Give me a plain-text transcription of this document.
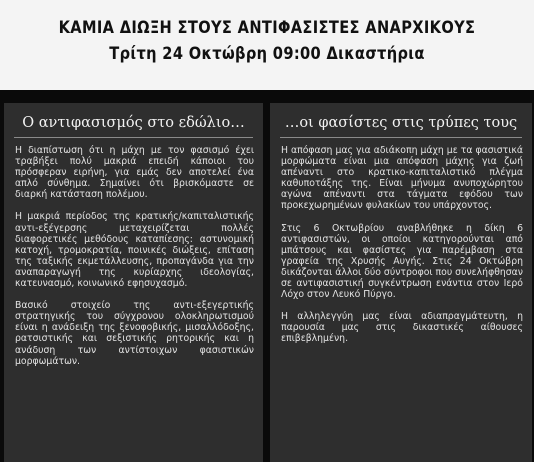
ΚΑΜΙΑ ΔΙΩΞΗ ΣΤΟΥΣ ΑΝΤΙΦΑΣΙΣΤΕΣ ΑΝΑΡΧΙΚΟΥΣ
Τρίτη 24 Οκτώβρη 09:00 Δικαστήρια
Ο αντιφασισμός στο εδώλιο…

Η διαπίστωση ότι η μάχη με τον φασισμό έχει τραβήξει πολύ μακριά επειδή κάποιοι του πρόσφεραν ειρήνη, για εμάς δεν αποτελεί ένα απλό σύνθημα. Σημαίνει ότι βρισκόμαστε σε διαρκή κατάσταση πολέμου.

Η μακριά περίοδος της κρατικής/καπιταλιστικής αντι-εξέγερσης μεταχειρίζεται πολλές διαφορετικές μεθόδους καταπίεσης: αστυνομική κατοχή, τρομοκρατία, ποινικές διώξεις, επίταση της ταξικής εκμετάλλευσης, προπαγάνδα για την αναπαραγωγή της κυρίαρχης ιδεολογίας, κατευνασμό, κοινωνικό εφησυχασμό.

Βασικό στοιχείο της αντι-εξεγερτικής στρατηγικής του σύγχρονου ολοκληρωτισμού είναι η ανάδειξη της ξενοφοβικής, μισαλλόδοξης, ρατσιστικής και σεξιστικής ρητορικής και η ανάδυση των αντίστοιχων φασιστικών μορφωμάτων.

…οι φασίστες στις τρύπες τους

Η απόφαση μας για αδιάκοπη μάχη με τα φασιστικά μορφώματα είναι μια απόφαση μάχης για ζωή απέναντι στο κρατικο-καπιταλιστικό πλέγμα καθυποτάξης της. Είναι μήνυμα ανυποχώρητου αγώνα απέναντι στα τάγματα εφόδου των προκεχωρημένων φυλακίων του υπάρχοντος.

Στις 6 Οκτωβρίου αναβλήθηκε η δίκη 6 αντιφασιστών, οι οποίοι κατηγορούνται από μπάτσους και φασίστες για παρέμβαση στα γραφεία της Χρυσής Αυγής. Στις 24 Οκτώβρη δικάζονται άλλοι δύο σύντροφοι που συνελήφθησαν σε αντιφασιστική συγκέντρωση ενάντια στον Ιερό Λόχο στον Λευκό Πύργο.

Η αλληλεγγύη μας είναι αδιαπραγμάτευτη, η παρουσία μας στις δικαστικές αίθουσες επιβεβλημένη.
